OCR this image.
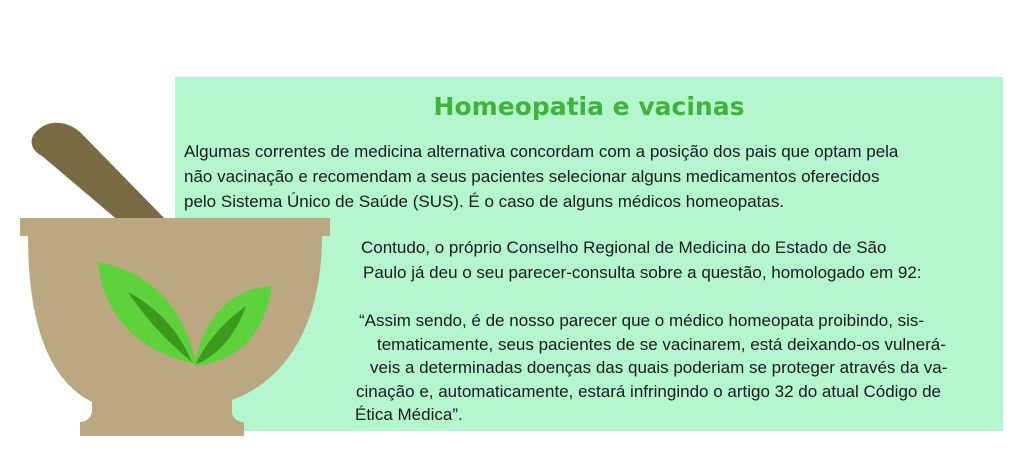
Homeopatia e vacinas

Algumas correntes de medicina alternativa concordam com a posição dos pais que optam pela
não vacinação e recomendam a seus pacientes selecionar alguns medicamentos oferecidos
pelo Sistema Único de Saúde (SUS). É o caso de alguns médicos homeopatas.

Contudo, o próprio Conselho Regional de Medicina do Estado de São
Paulo já deu o seu parecer-consulta sobre a questão, homologado em 92:

“Assim sendo, é de nosso parecer que o médico homeopata proibindo, sis-
tematicamente, seus pacientes de se vacinarem, está deixando-os vulnerá-
veis a determinadas doenças das quais poderiam se proteger através da va-
cinação e, automaticamente, estará infringindo o artigo 32 do atual Código de
Ética Médica”.
